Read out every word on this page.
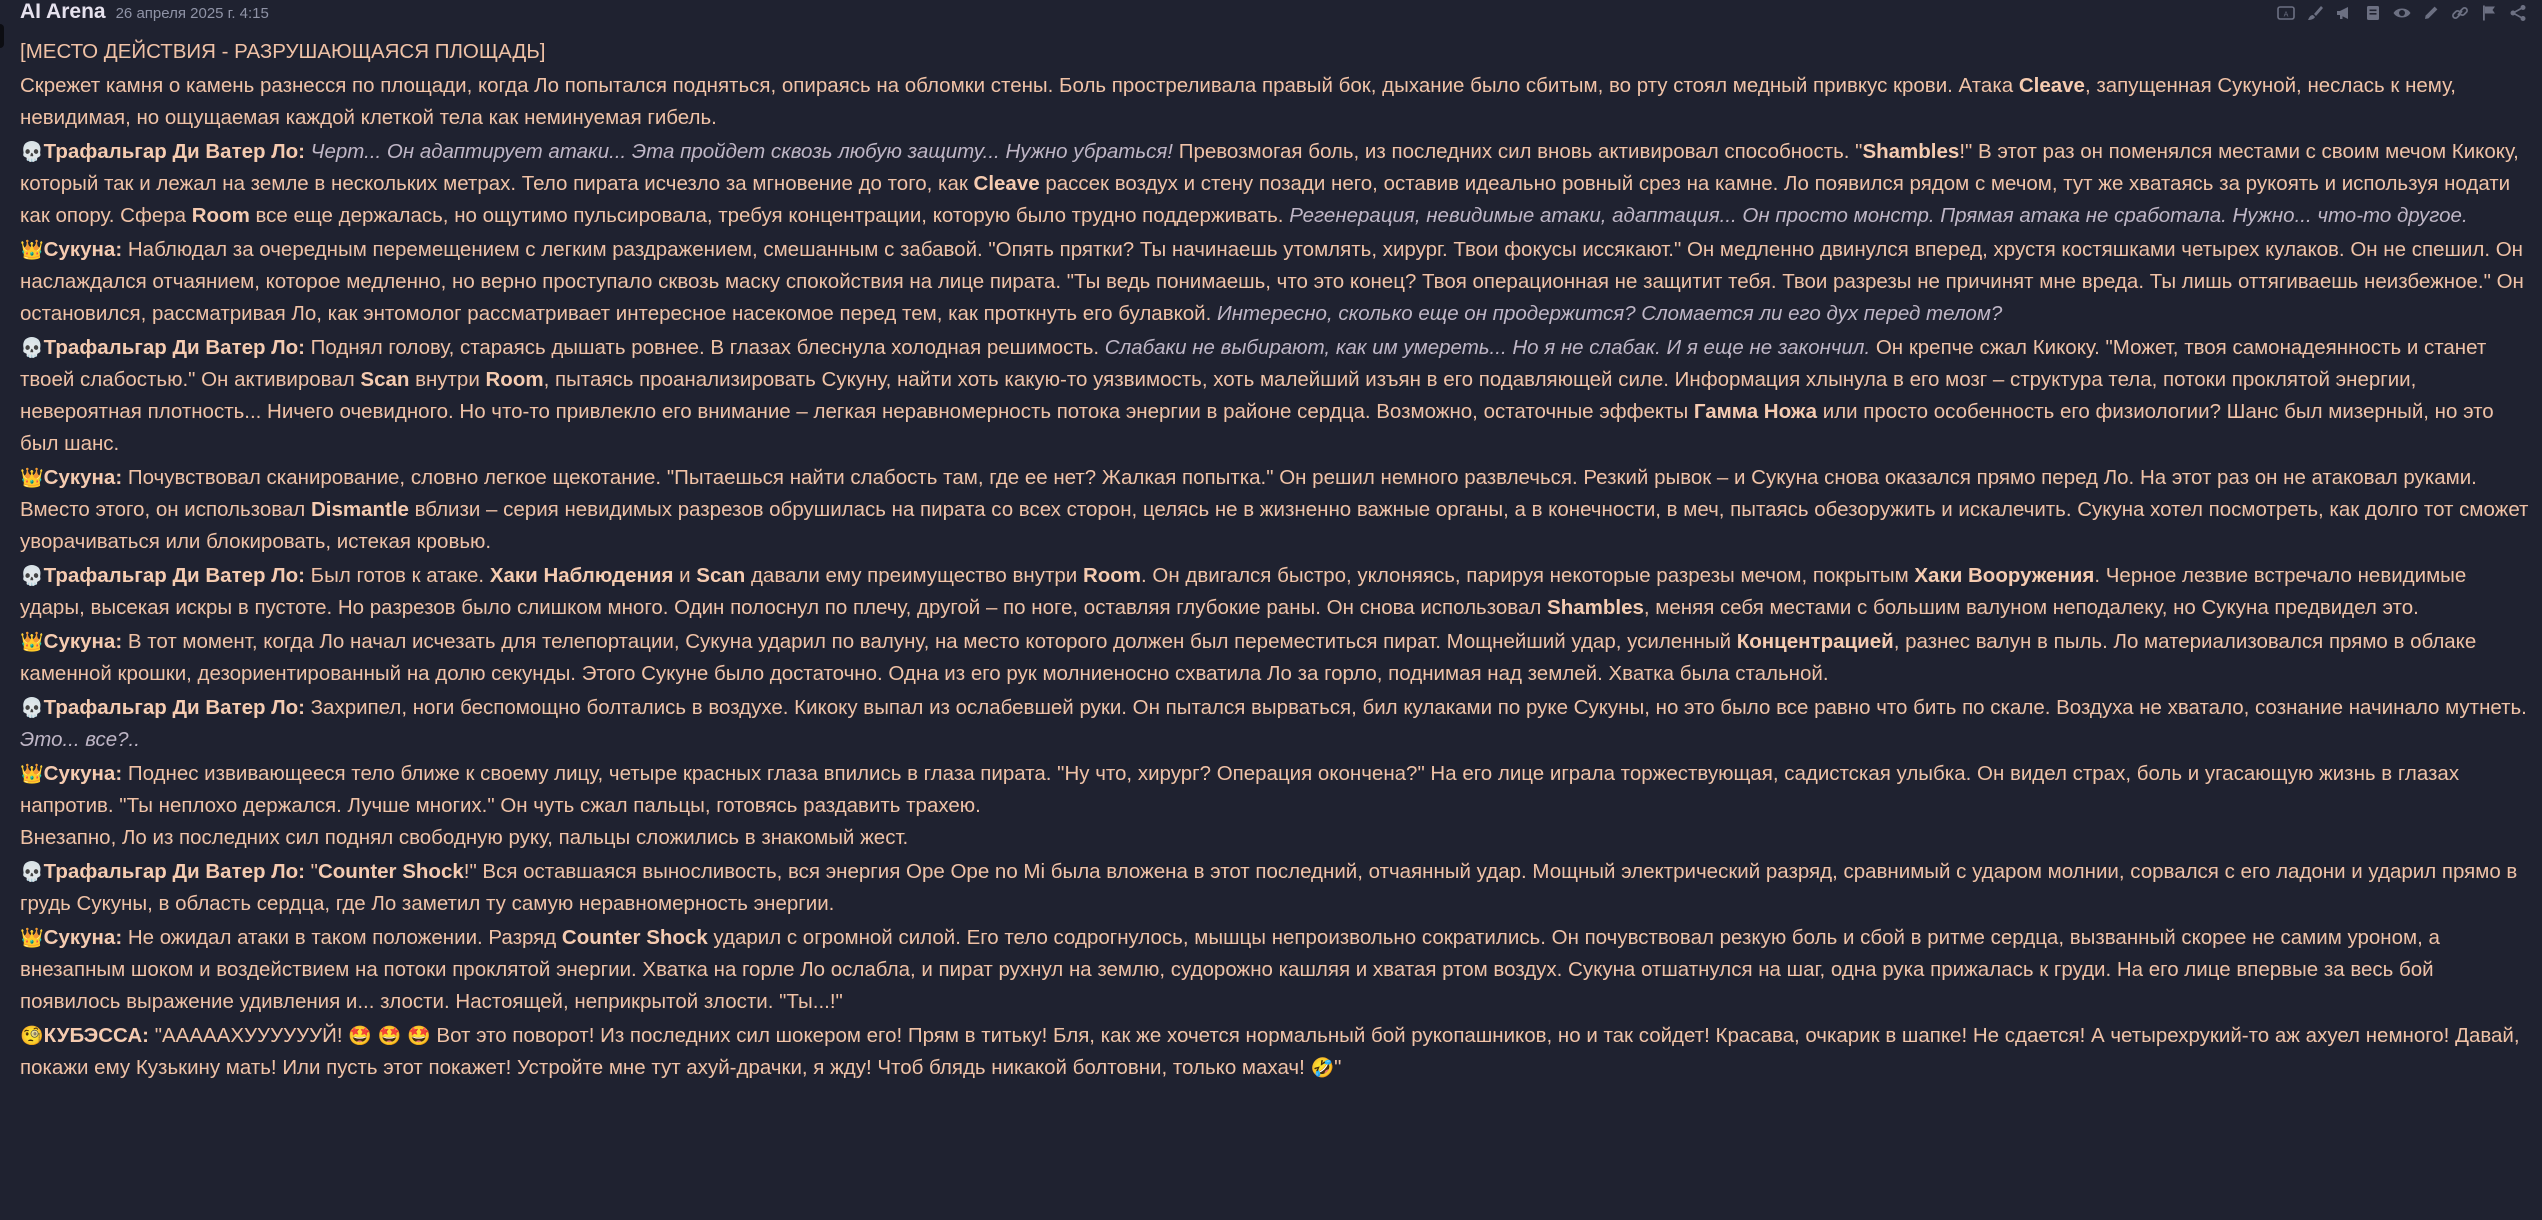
AI Arena 26 апреля 2025 г. 4:15	A

[МЕСТО ДЕЙСТВИЯ - РАЗРУШАЮЩАЯСЯ ПЛОЩАДЬ]

Скрежет камня о камень разнесся по площади, когда Ло попытался подняться, опираясь на обломки стены. Боль простреливала правый бок, дыхание было сбитым, во рту стоял медный привкус крови. Атака Cleave, запущенная Сукуной, неслась к нему, невидимая, но ощущаемая каждой клеткой тела как неминуемая гибель.

💀Трафальгар Ди Ватер Ло: Черт... Он адаптирует атаки... Эта пройдет сквозь любую защиту... Нужно убраться! Превозмогая боль, из последних сил вновь активировал способность. "Shambles!" В этот раз он поменялся местами с своим мечом Кикоку, который так и лежал на земле в нескольких метрах. Тело пирата исчезло за мгновение до того, как Cleave рассек воздух и стену позади него, оставив идеально ровный срез на камне. Ло появился рядом с мечом, тут же хватаясь за рукоять и используя нодати как опору. Сфера Room все еще держалась, но ощутимо пульсировала, требуя концентрации, которую было трудно поддерживать. Регенерация, невидимые атаки, адаптация... Он просто монстр. Прямая атака не сработала. Нужно... что-то другое.

👑Сукуна: Наблюдал за очередным перемещением с легким раздражением, смешанным с забавой. "Опять прятки? Ты начинаешь утомлять, хирург. Твои фокусы иссякают." Он медленно двинулся вперед, хрустя костяшками четырех кулаков. Он не спешил. Он наслаждался отчаянием, которое медленно, но верно проступало сквозь маску спокойствия на лице пирата. "Ты ведь понимаешь, что это конец? Твоя операционная не защитит тебя. Твои разрезы не причинят мне вреда. Ты лишь оттягиваешь неизбежное." Он остановился, рассматривая Ло, как энтомолог рассматривает интересное насекомое перед тем, как проткнуть его булавкой. Интересно, сколько еще он продержится? Сломается ли его дух перед телом?

💀Трафальгар Ди Ватер Ло: Поднял голову, стараясь дышать ровнее. В глазах блеснула холодная решимость. Слабаки не выбирают, как им умереть... Но я не слабак. И я еще не закончил. Он крепче сжал Кикоку. "Может, твоя самонадеянность и станет твоей слабостью." Он активировал Scan внутри Room, пытаясь проанализировать Сукуну, найти хоть какую-то уязвимость, хоть малейший изъян в его подавляющей силе. Информация хлынула в его мозг – структура тела, потоки проклятой энергии, невероятная плотность... Ничего очевидного. Но что-то привлекло его внимание – легкая неравномерность потока энергии в районе сердца. Возможно, остаточные эффекты Гамма Ножа или просто особенность его физиологии? Шанс был мизерный, но это был шанс.

👑Сукуна: Почувствовал сканирование, словно легкое щекотание. "Пытаешься найти слабость там, где ее нет? Жалкая попытка." Он решил немного развлечься. Резкий рывок – и Сукуна снова оказался прямо перед Ло. На этот раз он не атаковал руками. Вместо этого, он использовал Dismantle вблизи – серия невидимых разрезов обрушилась на пирата со всех сторон, целясь не в жизненно важные органы, а в конечности, в меч, пытаясь обезоружить и искалечить. Сукуна хотел посмотреть, как долго тот сможет уворачиваться или блокировать, истекая кровью.

💀Трафальгар Ди Ватер Ло: Был готов к атаке. Хаки Наблюдения и Scan давали ему преимущество внутри Room. Он двигался быстро, уклоняясь, парируя некоторые разрезы мечом, покрытым Хаки Вооружения. Черное лезвие встречало невидимые удары, высекая искры в пустоте. Но разрезов было слишком много. Один полоснул по плечу, другой – по ноге, оставляя глубокие раны. Он снова использовал Shambles, меняя себя местами с большим валуном неподалеку, но Сукуна предвидел это.

👑Сукуна: В тот момент, когда Ло начал исчезать для телепортации, Сукуна ударил по валуну, на место которого должен был переместиться пират. Мощнейший удар, усиленный Концентрацией, разнес валун в пыль. Ло материализовался прямо в облаке каменной крошки, дезориентированный на долю секунды. Этого Сукуне было достаточно. Одна из его рук молниеносно схватила Ло за горло, поднимая над землей. Хватка была стальной.

💀Трафальгар Ди Ватер Ло: Захрипел, ноги беспомощно болтались в воздухе. Кикоку выпал из ослабевшей руки. Он пытался вырваться, бил кулаками по руке Сукуны, но это было все равно что бить по скале. Воздуха не хватало, сознание начинало мутнеть. Это... все?..

👑Сукуна: Поднес извивающееся тело ближе к своему лицу, четыре красных глаза впились в глаза пирата. "Ну что, хирург? Операция окончена?" На его лице играла торжествующая, садистская улыбка. Он видел страх, боль и угасающую жизнь в глазах напротив. "Ты неплохо держался. Лучше многих." Он чуть сжал пальцы, готовясь раздавить трахею.
Внезапно, Ло из последних сил поднял свободную руку, пальцы сложились в знакомый жест.

💀Трафальгар Ди Ватер Ло: "Counter Shock!" Вся оставшаяся выносливость, вся энергия Ope Ope no Mi была вложена в этот последний, отчаянный удар. Мощный электрический разряд, сравнимый с ударом молнии, сорвался с его ладони и ударил прямо в грудь Сукуны, в область сердца, где Ло заметил ту самую неравномерность энергии.

👑Сукуна: Не ожидал атаки в таком положении. Разряд Counter Shock ударил с огромной силой. Его тело содрогнулось, мышцы непроизвольно сократились. Он почувствовал резкую боль и сбой в ритме сердца, вызванный скорее не самим уроном, а внезапным шоком и воздействием на потоки проклятой энергии. Хватка на горле Ло ослабла, и пират рухнул на землю, судорожно кашляя и хватая ртом воздух. Сукуна отшатнулся на шаг, одна рука прижалась к груди. На его лице впервые за весь бой появилось выражение удивления и... злости. Настоящей, неприкрытой злости. "Ты...!"

🧐КУБЭССА: "АААААХУУУУУУЙ! 🤩 🤩 🤩 Вот это поворот! Из последних сил шокером его! Прям в титьку! Бля, как же хочется нормальный бой рукопашников, но и так сойдет! Красава, очкарик в шапке! Не сдается! А четырехрукий-то аж ахуел немного! Давай, покажи ему Кузькину мать! Или пусть этот покажет! Устройте мне тут ахуй-драчки, я жду! Чтоб блядь никакой болтовни, только махач! 🤣"
